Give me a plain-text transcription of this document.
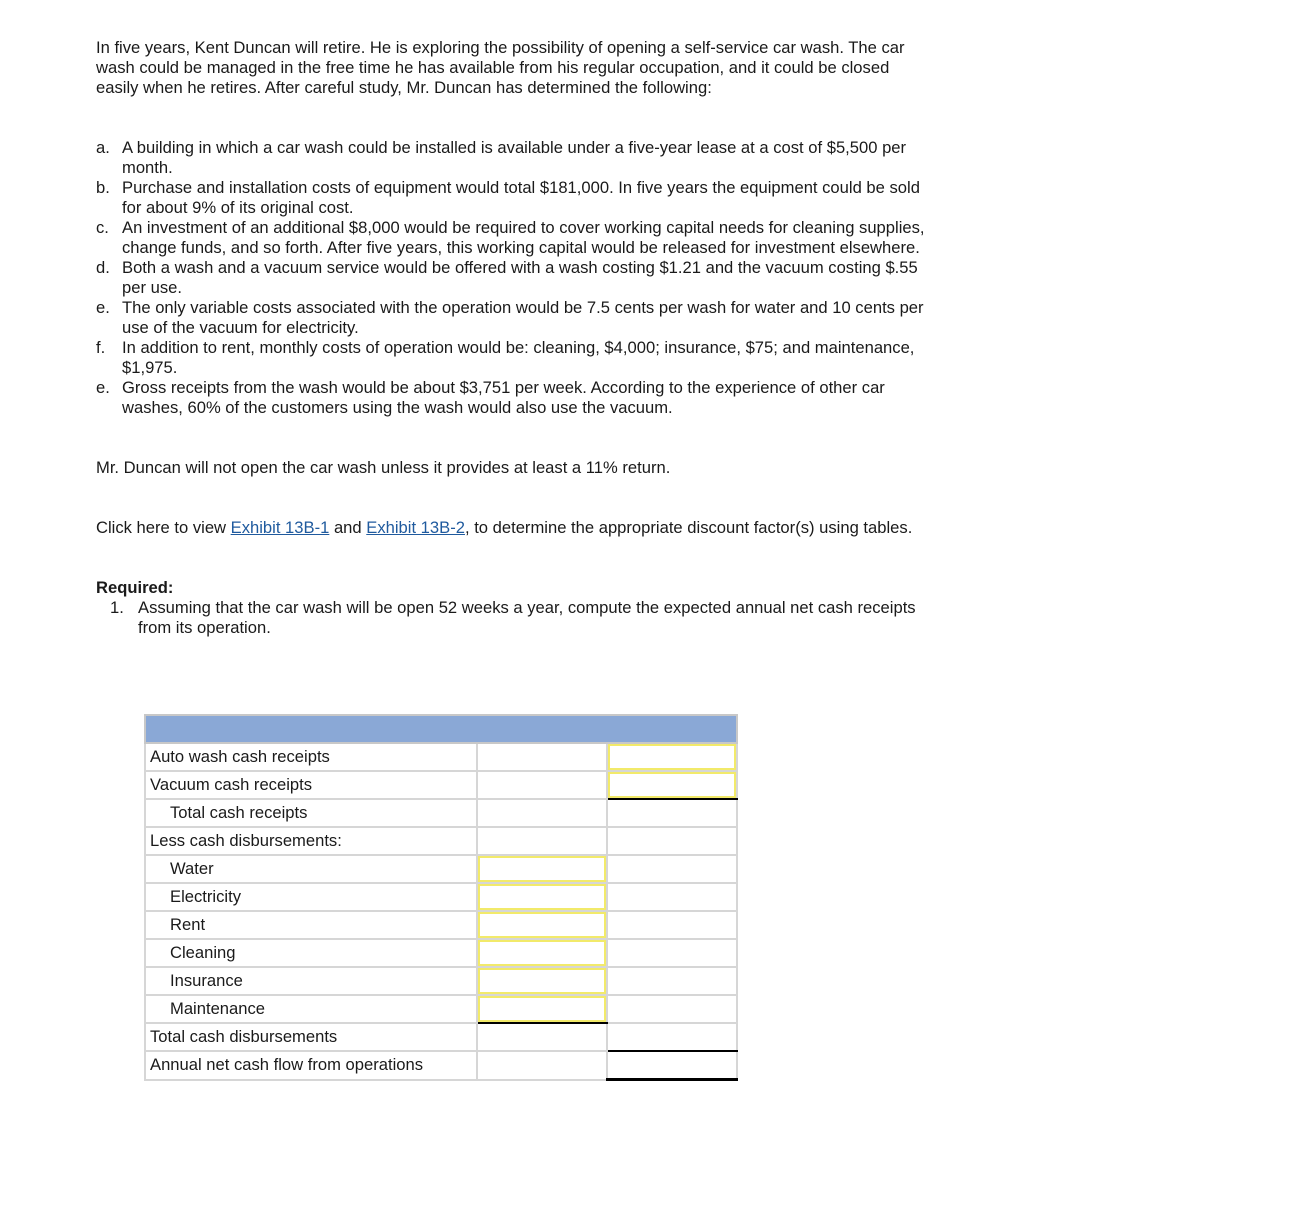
In five years, Kent Duncan will retire. He is exploring the possibility of opening a self-service car wash. The car wash could be managed in the free time he has available from his regular occupation, and it could be closed easily when he retires. After careful study, Mr. Duncan has determined the following:

a. A building in which a car wash could be installed is available under a five-year lease at a cost of $5,500 per month.
b. Purchase and installation costs of equipment would total $181,000. In five years the equipment could be sold for about 9% of its original cost.
c. An investment of an additional $8,000 would be required to cover working capital needs for cleaning supplies, change funds, and so forth. After five years, this working capital would be released for investment elsewhere.
d. Both a wash and a vacuum service would be offered with a wash costing $1.21 and the vacuum costing $.55 per use.
e. The only variable costs associated with the operation would be 7.5 cents per wash for water and 10 cents per use of the vacuum for electricity.
f.	In addition to rent, monthly costs of operation would be: cleaning, $4,000; insurance, $75; and maintenance, $1,975.
e. Gross receipts from the wash would be about $3,751 per week. According to the experience of other car washes, 60% of the customers using the wash would also use the vacuum.

Mr. Duncan will not open the car wash unless it provides at least a 11% return.

Click here to view Exhibit 13B-1 and Exhibit 13B-2, to determine the appropriate discount factor(s) using tables.

Required:

1. Assuming that the car wash will be open 52 weeks a year, compute the expected annual net cash receipts from its operation.

Auto wash cash receipts		

Vacuum cash receipts		

Total cash receipts		
Less cash disbursements:		
Water	

Electricity	

Rent	

Cleaning	

Insurance	

Maintenance	

Total cash disbursements		
Annual net cash flow from operations		
